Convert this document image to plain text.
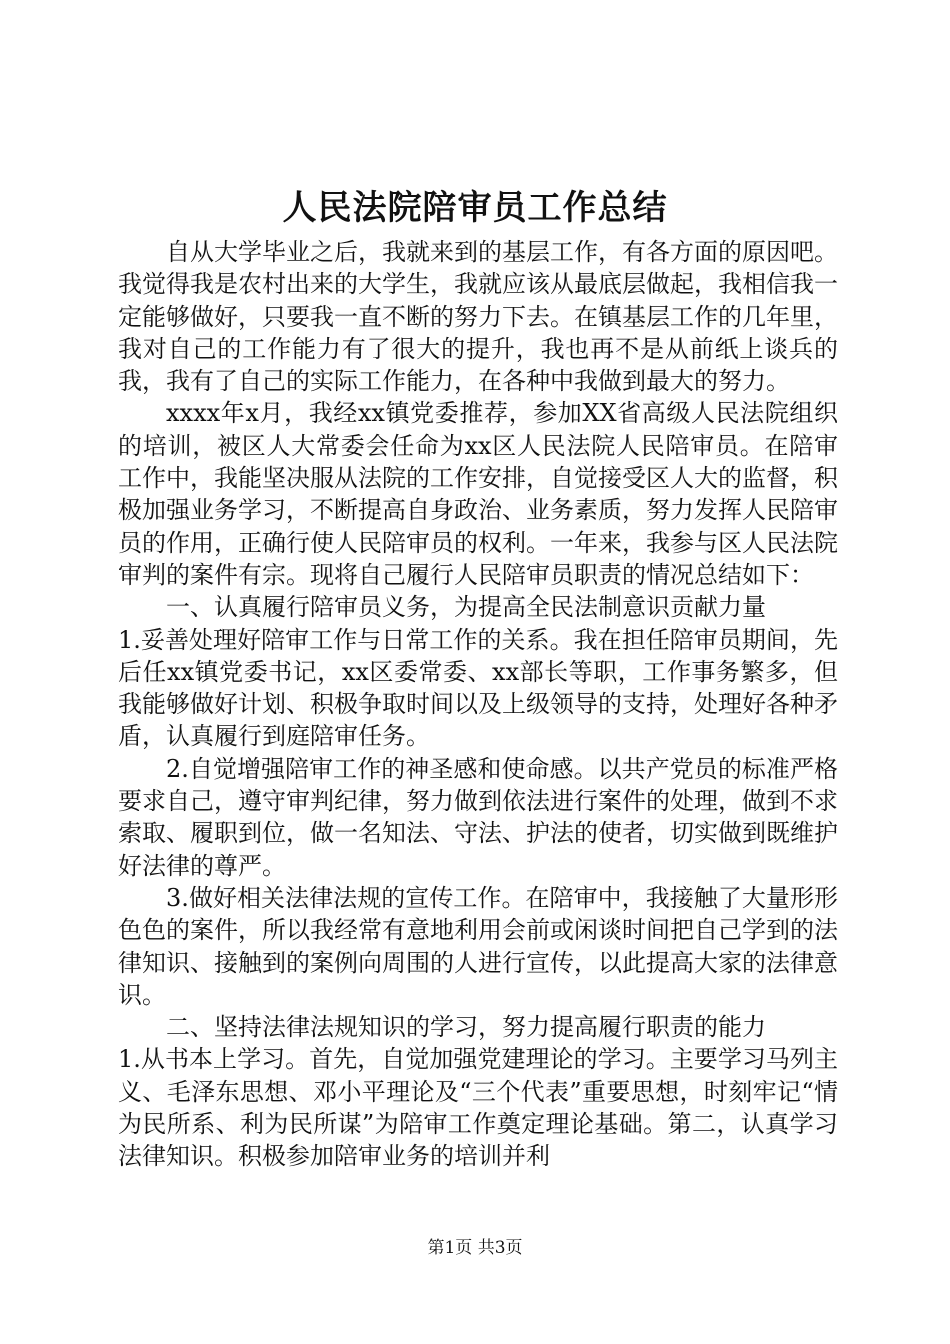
人民法院陪审员工作总结

自从大学毕业之后，我就来到的基层工作，有各方面的原因吧。我觉得我是农村出来的大学生，我就应该从最底层做起，我相信我一定能够做好，只要我一直不断的努力下去。在镇基层工作的几年里，我对自己的工作能力有了很大的提升，我也再不是从前纸上谈兵的我，我有了自己的实际工作能力，在各种中我做到最大的努力。

xxxx年x月，我经xx镇党委推荐，参加XX省高级人民法院组织的培训，被区人大常委会任命为xx区人民法院人民陪审员。在陪审工作中，我能坚决服从法院的工作安排，自觉接受区人大的监督，积极加强业务学习，不断提高自身政治、业务素质，努力发挥人民陪审员的作用，正确行使人民陪审员的权利。一年来，我参与区人民法院审判的案件有宗。现将自己履行人民陪审员职责的情况总结如下：

一、认真履行陪审员义务，为提高全民法制意识贡献力量

1.妥善处理好陪审工作与日常工作的关系。我在担任陪审员期间，先后任xx镇党委书记，xx区委常委、xx部长等职，工作事务繁多，但我能够做好计划、积极争取时间以及上级领导的支持，处理好各种矛盾，认真履行到庭陪审任务。

2.自觉增强陪审工作的神圣感和使命感。以共产党员的标准严格要求自己，遵守审判纪律，努力做到依法进行案件的处理，做到不求索取、履职到位，做一名知法、守法、护法的使者，切实做到既维护好法律的尊严。

3.做好相关法律法规的宣传工作。在陪审中，我接触了大量形形色色的案件，所以我经常有意地利用会前或闲谈时间把自己学到的法律知识、接触到的案例向周围的人进行宣传，以此提高大家的法律意识。

二、坚持法律法规知识的学习，努力提高履行职责的能力

1.从书本上学习。首先，自觉加强党建理论的学习。主要学习马列主义、毛泽东思想、邓小平理论及“三个代表”重要思想，时刻牢记“情为民所系、利为民所谋”为陪审工作奠定理论基础。第二，认真学习法律知识。积极参加陪审业务的培训并利

第1页 共3页
